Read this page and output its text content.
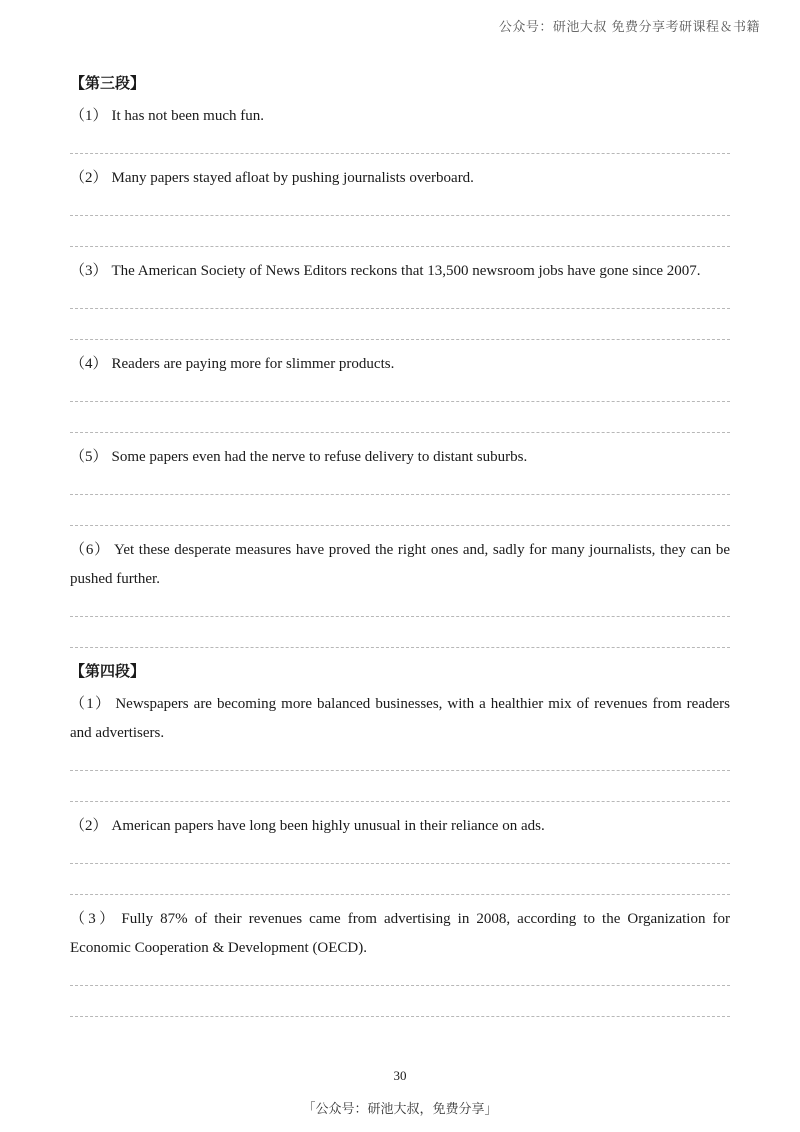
公众号：研池大叔 免费分享考研课程＆书籍
【第三段】

（1） It has not been much fun.

（2） Many papers stayed afloat by pushing journalists overboard.

（3） The American Society of News Editors reckons that 13,500 newsroom jobs have gone since 2007.

（4） Readers are paying more for slimmer products.

（5） Some papers even had the nerve to refuse delivery to distant suburbs.

（6） Yet these desperate measures have proved the right ones and, sadly for many journalists, they can be pushed further.

【第四段】

（1） Newspapers are becoming more balanced businesses, with a healthier mix of revenues from readers and advertisers.

（2） American papers have long been highly unusual in their reliance on ads.

（3） Fully 87% of their revenues came from advertising in 2008, according to the Organization for Economic Cooperation & Development (OECD).

30
「公众号：研池大叔，免费分享」
